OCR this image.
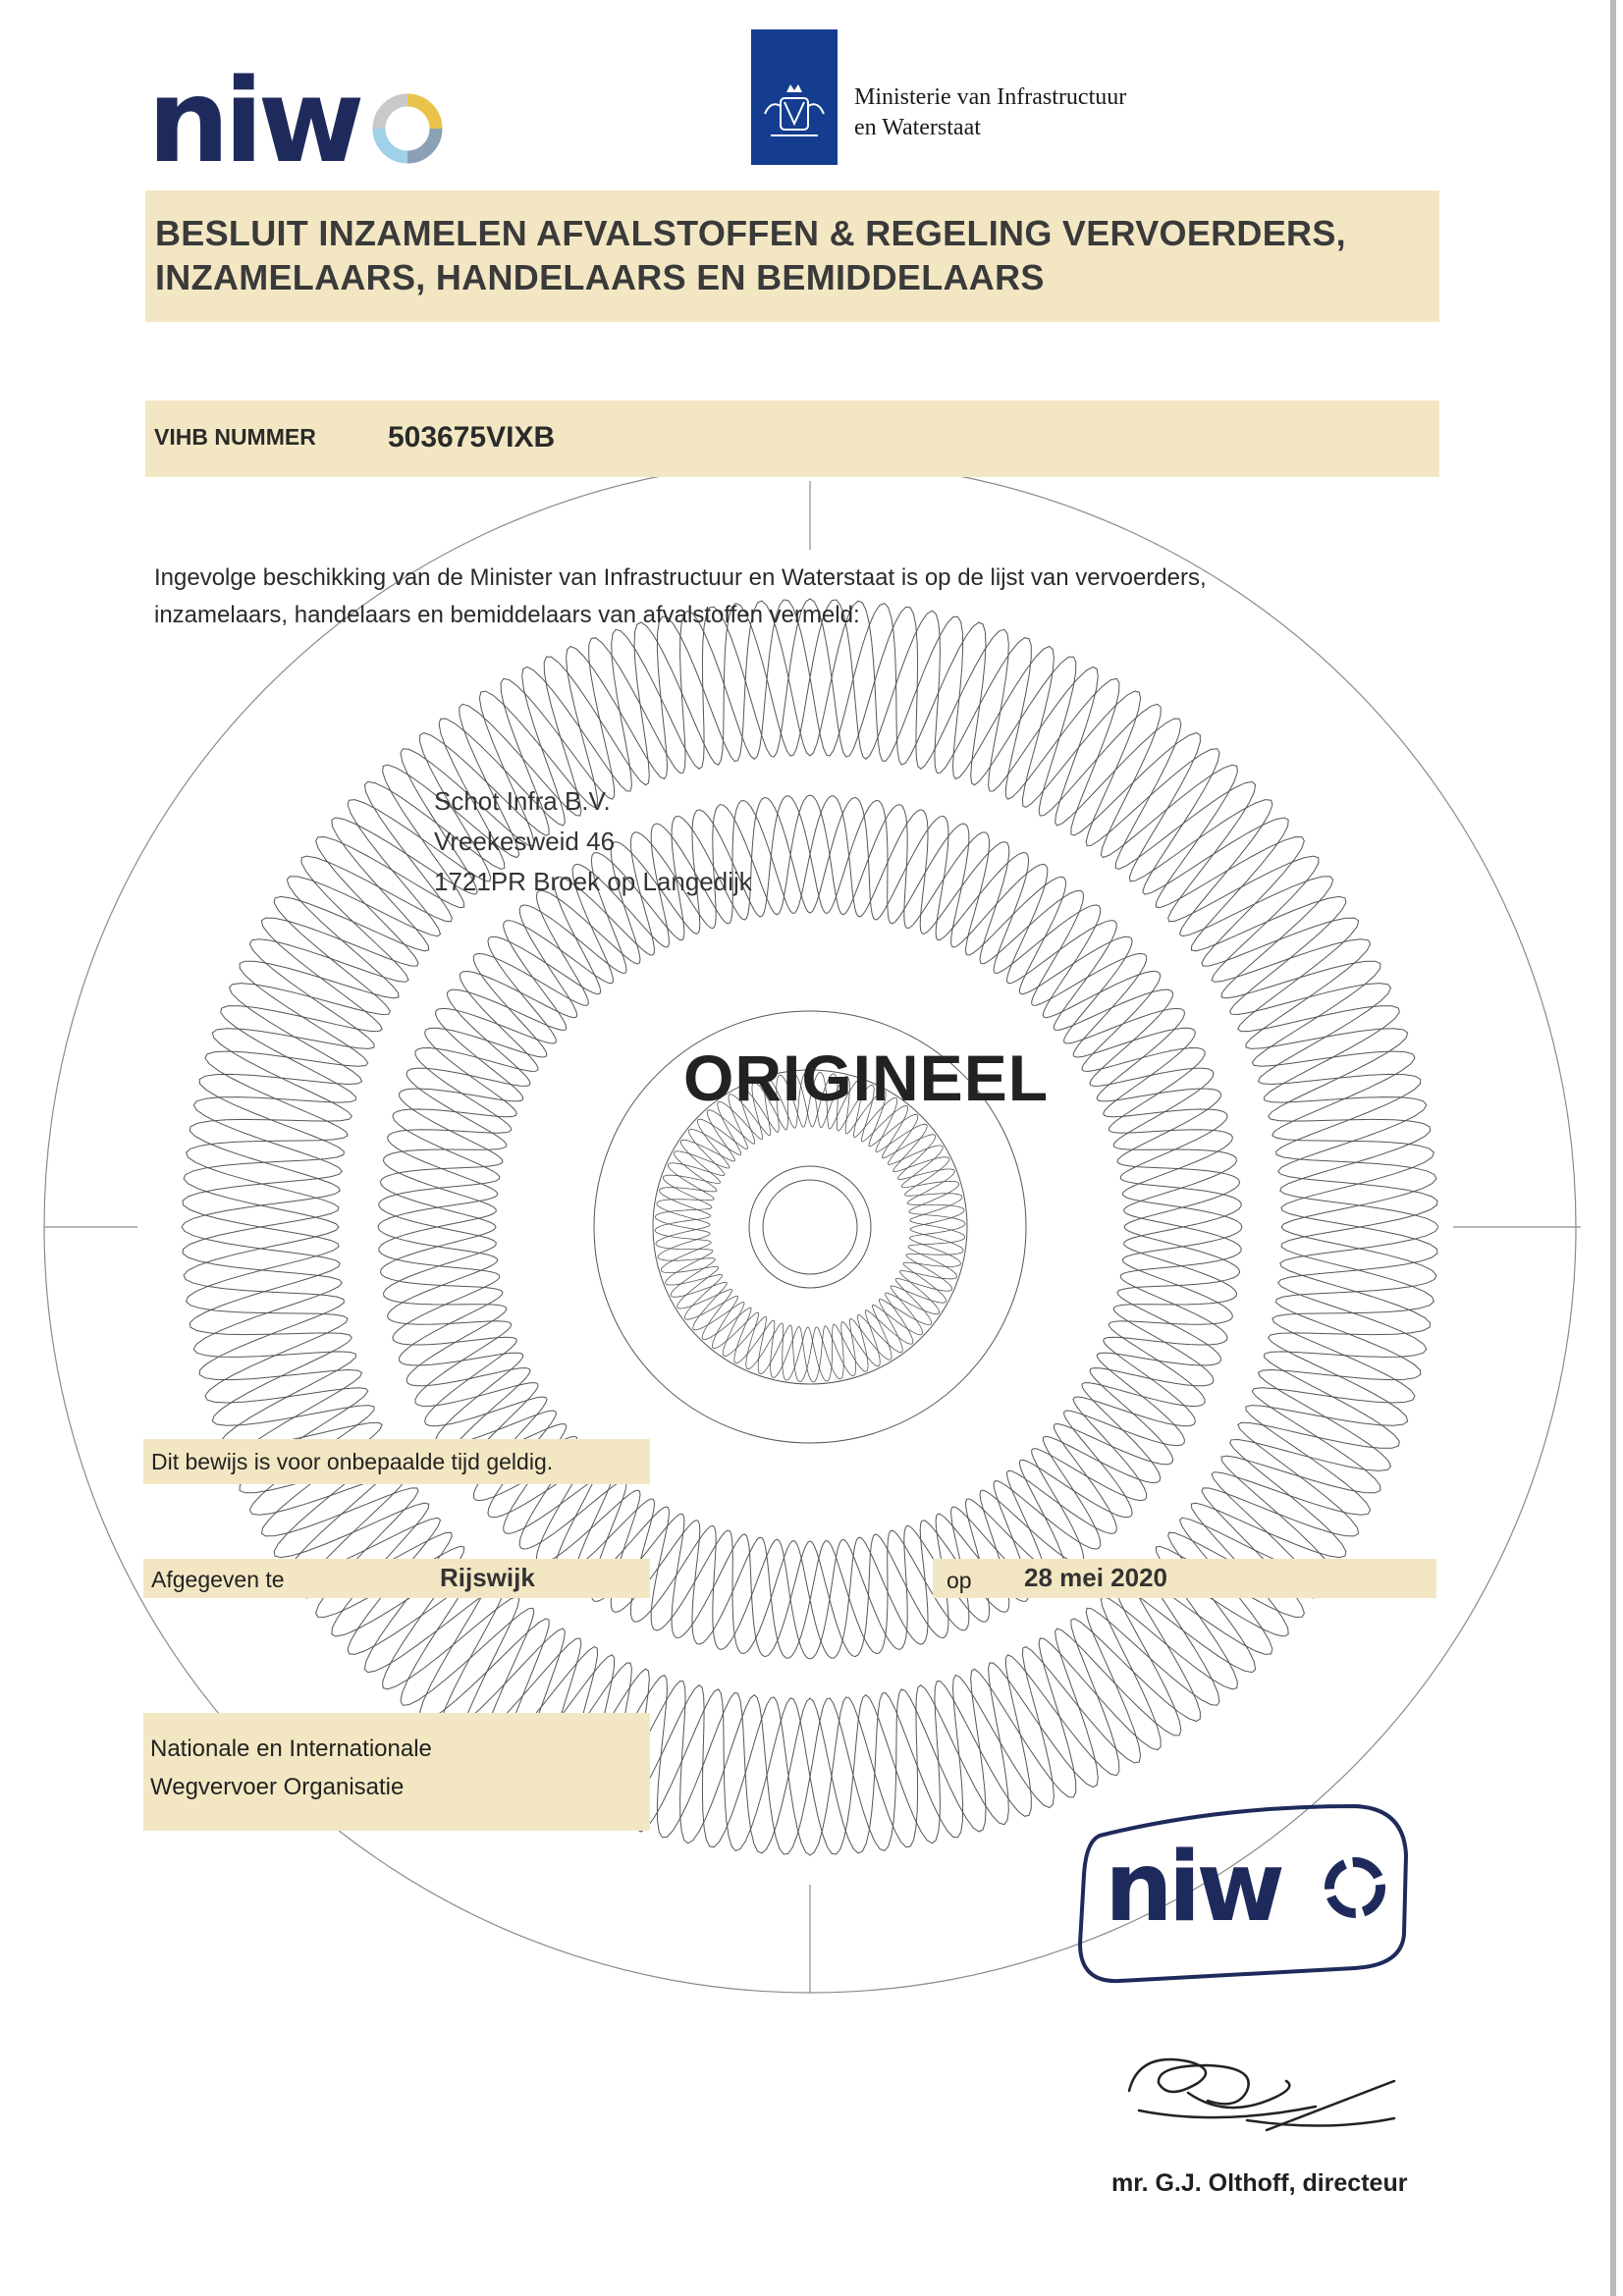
niw	Ministerie van Infrastructuur
en Waterstaat
BESLUIT INZAMELEN AFVALSTOFFEN & REGELING VERVOERDERS,
INZAMELAARS, HANDELAARS EN BEMIDDELAARS
VIHB NUMMER 503675VIXB
Ingevolge beschikking van de Minister van Infrastructuur en Waterstaat is op de lijst van vervoerders,
inzamelaars, handelaars en bemiddelaars van afvalstoffen vermeld:
Schot Infra B.V.
Vreekesweid 46
1721PR Broek op Langedijk
ORIGINEEL
Dit bewijs is voor onbepaalde tijd geldig.
Afgegeven te	Rijswijk	op 28 mei 2020
Nationale en Internationale
Wegvervoer Organisatie
niw
mr. G.J. Olthoff, directeur
